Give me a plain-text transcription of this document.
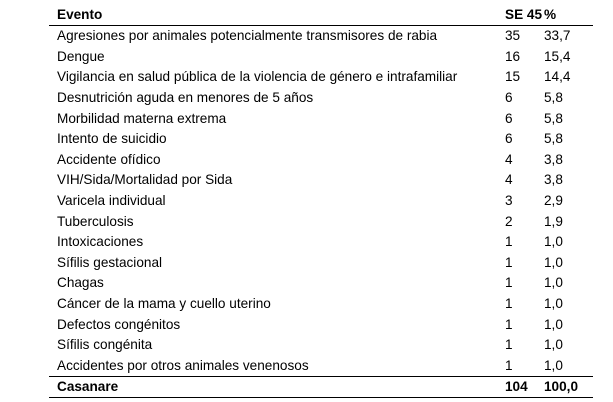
Evento	SE 45	%
Agresiones por animales potencialmente transmisores de rabia	35	33,7
Dengue	16	15,4
Vigilancia en salud pública de la violencia de género e intrafamiliar	15	14,4
Desnutrición aguda en menores de 5 años	6	5,8
Morbilidad materna extrema	6	5,8
Intento de suicidio	6	5,8
Accidente ofídico	4	3,8
VIH/Sida/Mortalidad por Sida	4	3,8
Varicela individual	3	2,9
Tuberculosis	2	1,9
Intoxicaciones	1	1,0
Sífilis gestacional	1	1,0
Chagas	1	1,0
Cáncer de la mama y cuello uterino	1	1,0
Defectos congénitos	1	1,0
Sífilis congénita	1	1,0
Accidentes por otros animales venenosos	1	1,0
Casanare	104	100,0
